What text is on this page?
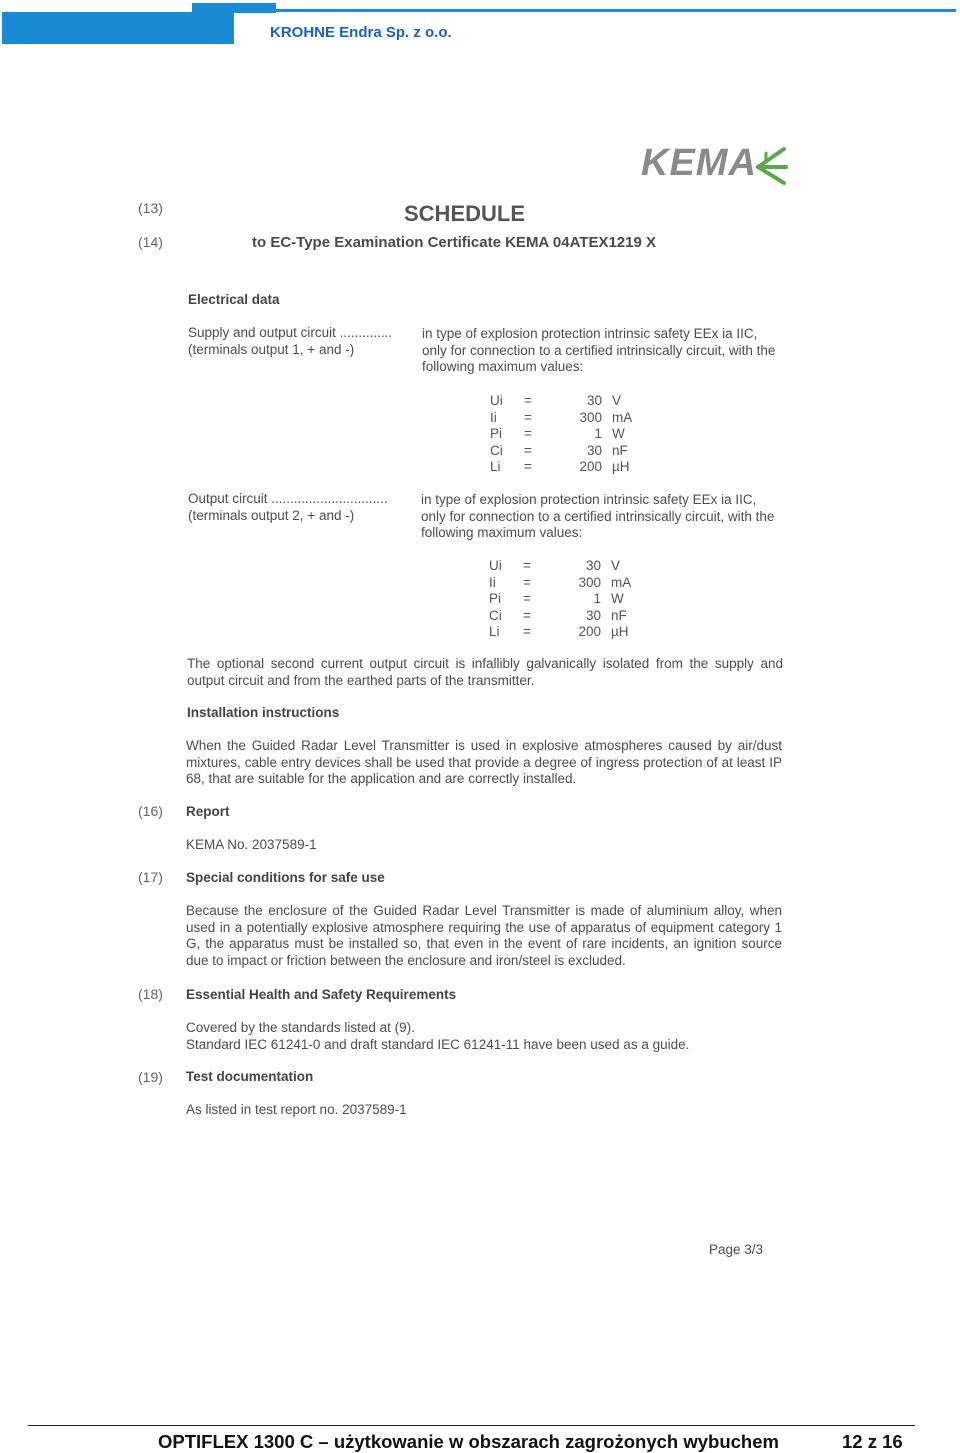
KROHNE Endra Sp. z o.o.
KEMA
(13)	SCHEDULE
(14)	to EC-Type Examination Certificate KEMA 04ATEX1219 X
Electrical data
Supply and output circuit ..............
(terminals output 1, + and -)
in type of explosion protection intrinsic safety EEx ia IIC, only for connection to a certified intrinsically circuit, with the following maximum values:
Ui	=	30	V
Ii	=	300	mA
Pi	=	1	W
Ci	=	30	nF
Li	=	200	µH
Output circuit ...............................
(terminals output 2, + and -)
in type of explosion protection intrinsic safety EEx ia IIC, only for connection to a certified intrinsically circuit, with the following maximum values:
Ui	=	30	V
Ii	=	300	mA
Pi	=	1	W
Ci	=	30	nF
Li	=	200	µH
The optional second current output circuit is infallibly galvanically isolated from the supply and output circuit and from the earthed parts of the transmitter.
Installation instructions
When the Guided Radar Level Transmitter is used in explosive atmospheres caused by air/dust mixtures, cable entry devices shall be used that provide a degree of ingress protection of at least IP 68, that are suitable for the application and are correctly installed.
(16) Report
KEMA No. 2037589-1
(17) Special conditions for safe use
Because the enclosure of the Guided Radar Level Transmitter is made of aluminium alloy, when used in a potentially explosive atmosphere requiring the use of apparatus of equipment category 1 G, the apparatus must be installed so, that even in the event of rare incidents, an ignition source due to impact or friction between the enclosure and iron/steel is excluded.
(18) Essential Health and Safety Requirements
Covered by the standards listed at (9).
Standard IEC 61241-0 and draft standard IEC 61241-11 have been used as a guide.
(19) Test documentation
As listed in test report no. 2037589-1
Page 3/3
OPTIFLEX 1300 C – użytkowanie w obszarach zagrożonych wybuchem	12 z 16
